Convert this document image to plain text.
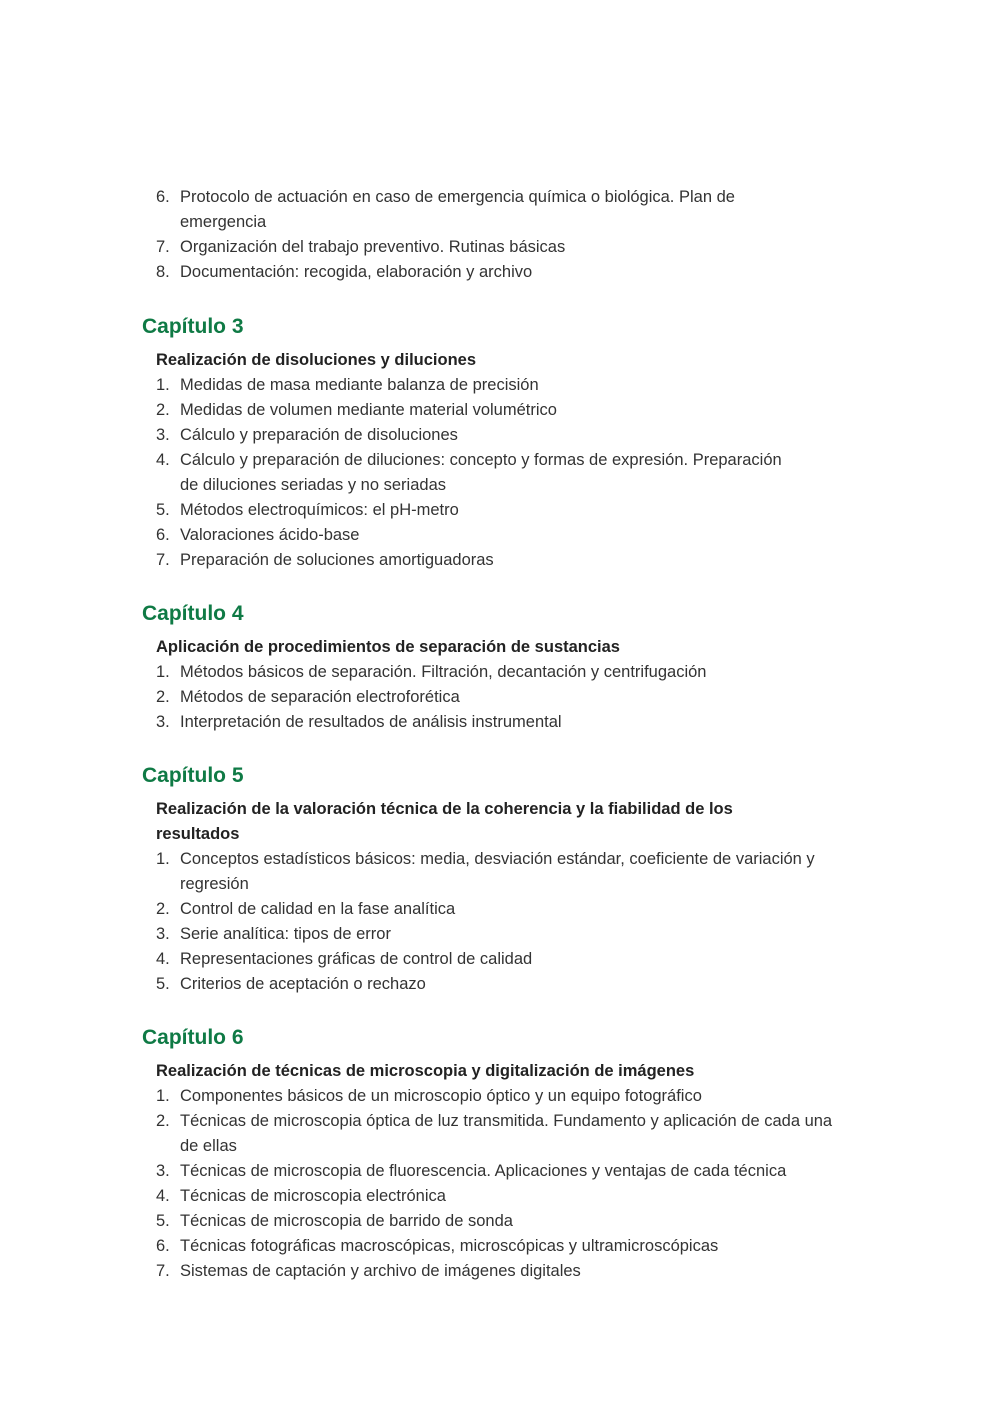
6. Protocolo de actuación en caso de emergencia química o biológica. Plan de emergencia
7. Organización del trabajo preventivo. Rutinas básicas
8. Documentación: recogida, elaboración y archivo
Capítulo 3
Realización de disoluciones y diluciones
1. Medidas de masa mediante balanza de precisión
2. Medidas de volumen mediante material volumétrico
3. Cálculo y preparación de disoluciones
4. Cálculo y preparación de diluciones: concepto y formas de expresión. Preparación de diluciones seriadas y no seriadas
5. Métodos electroquímicos: el pH-metro
6. Valoraciones ácido-base
7. Preparación de soluciones amortiguadoras
Capítulo 4
Aplicación de procedimientos de separación de sustancias
1. Métodos básicos de separación. Filtración, decantación y centrifugación
2. Métodos de separación electroforética
3. Interpretación de resultados de análisis instrumental
Capítulo 5
Realización de la valoración técnica de la coherencia y la fiabilidad de los resultados
1. Conceptos estadísticos básicos: media, desviación estándar, coeficiente de variación y regresión
2. Control de calidad en la fase analítica
3. Serie analítica: tipos de error
4. Representaciones gráficas de control de calidad
5. Criterios de aceptación o rechazo
Capítulo 6
Realización de técnicas de microscopia y digitalización de imágenes
1. Componentes básicos de un microscopio óptico y un equipo fotográfico
2. Técnicas de microscopia óptica de luz transmitida. Fundamento y aplicación de cada una de ellas
3. Técnicas de microscopia de fluorescencia. Aplicaciones y ventajas de cada técnica
4. Técnicas de microscopia electrónica
5. Técnicas de microscopia de barrido de sonda
6. Técnicas fotográficas macroscópicas, microscópicas y ultramicroscópicas
7. Sistemas de captación y archivo de imágenes digitales
